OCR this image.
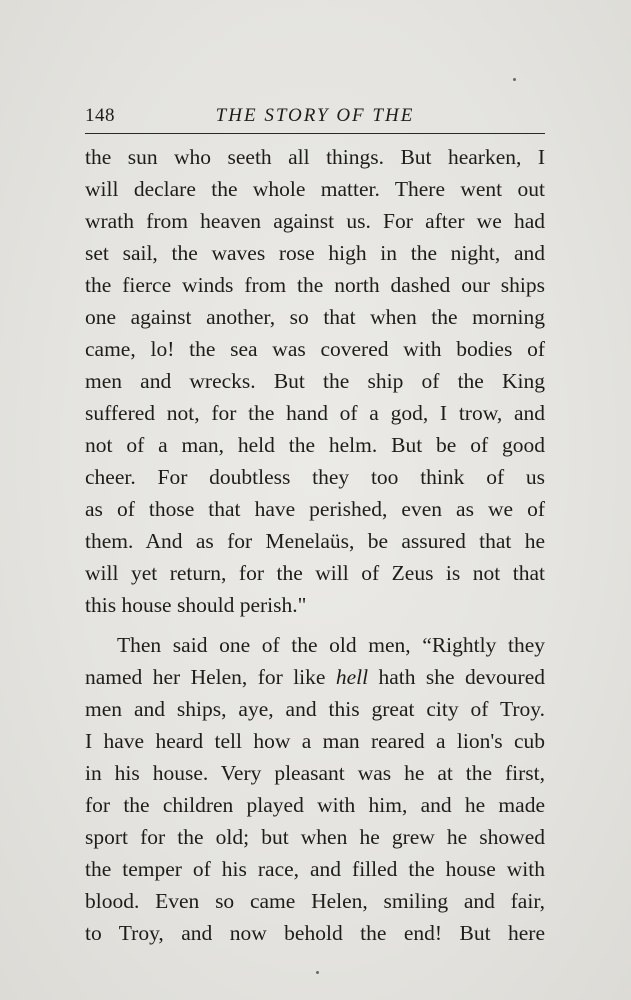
148	THE STORY OF THE
the sun who seeth all things. But hearken, I
will declare the whole matter. There went out
wrath from heaven against us. For after we had
set sail, the waves rose high in the night, and
the fierce winds from the north dashed our ships
one against another, so that when the morning
came, lo! the sea was covered with bodies of
men and wrecks. But the ship of the King
suffered not, for the hand of a god, I trow, and
not of a man, held the helm. But be of good
cheer. For doubtless they too think of us
as of those that have perished, even as we of
them. And as for Menelaüs, be assured that he
will yet return, for the will of Zeus is not that
this house should perish."
Then said one of the old men, “Rightly they
named her Helen, for like hell hath she devoured
men and ships, aye, and this great city of Troy.
I have heard tell how a man reared a lion's cub
in his house. Very pleasant was he at the first,
for the children played with him, and he made
sport for the old; but when he grew he showed
the temper of his race, and filled the house with
blood. Even so came Helen, smiling and fair,
to Troy, and now behold the end! But here
